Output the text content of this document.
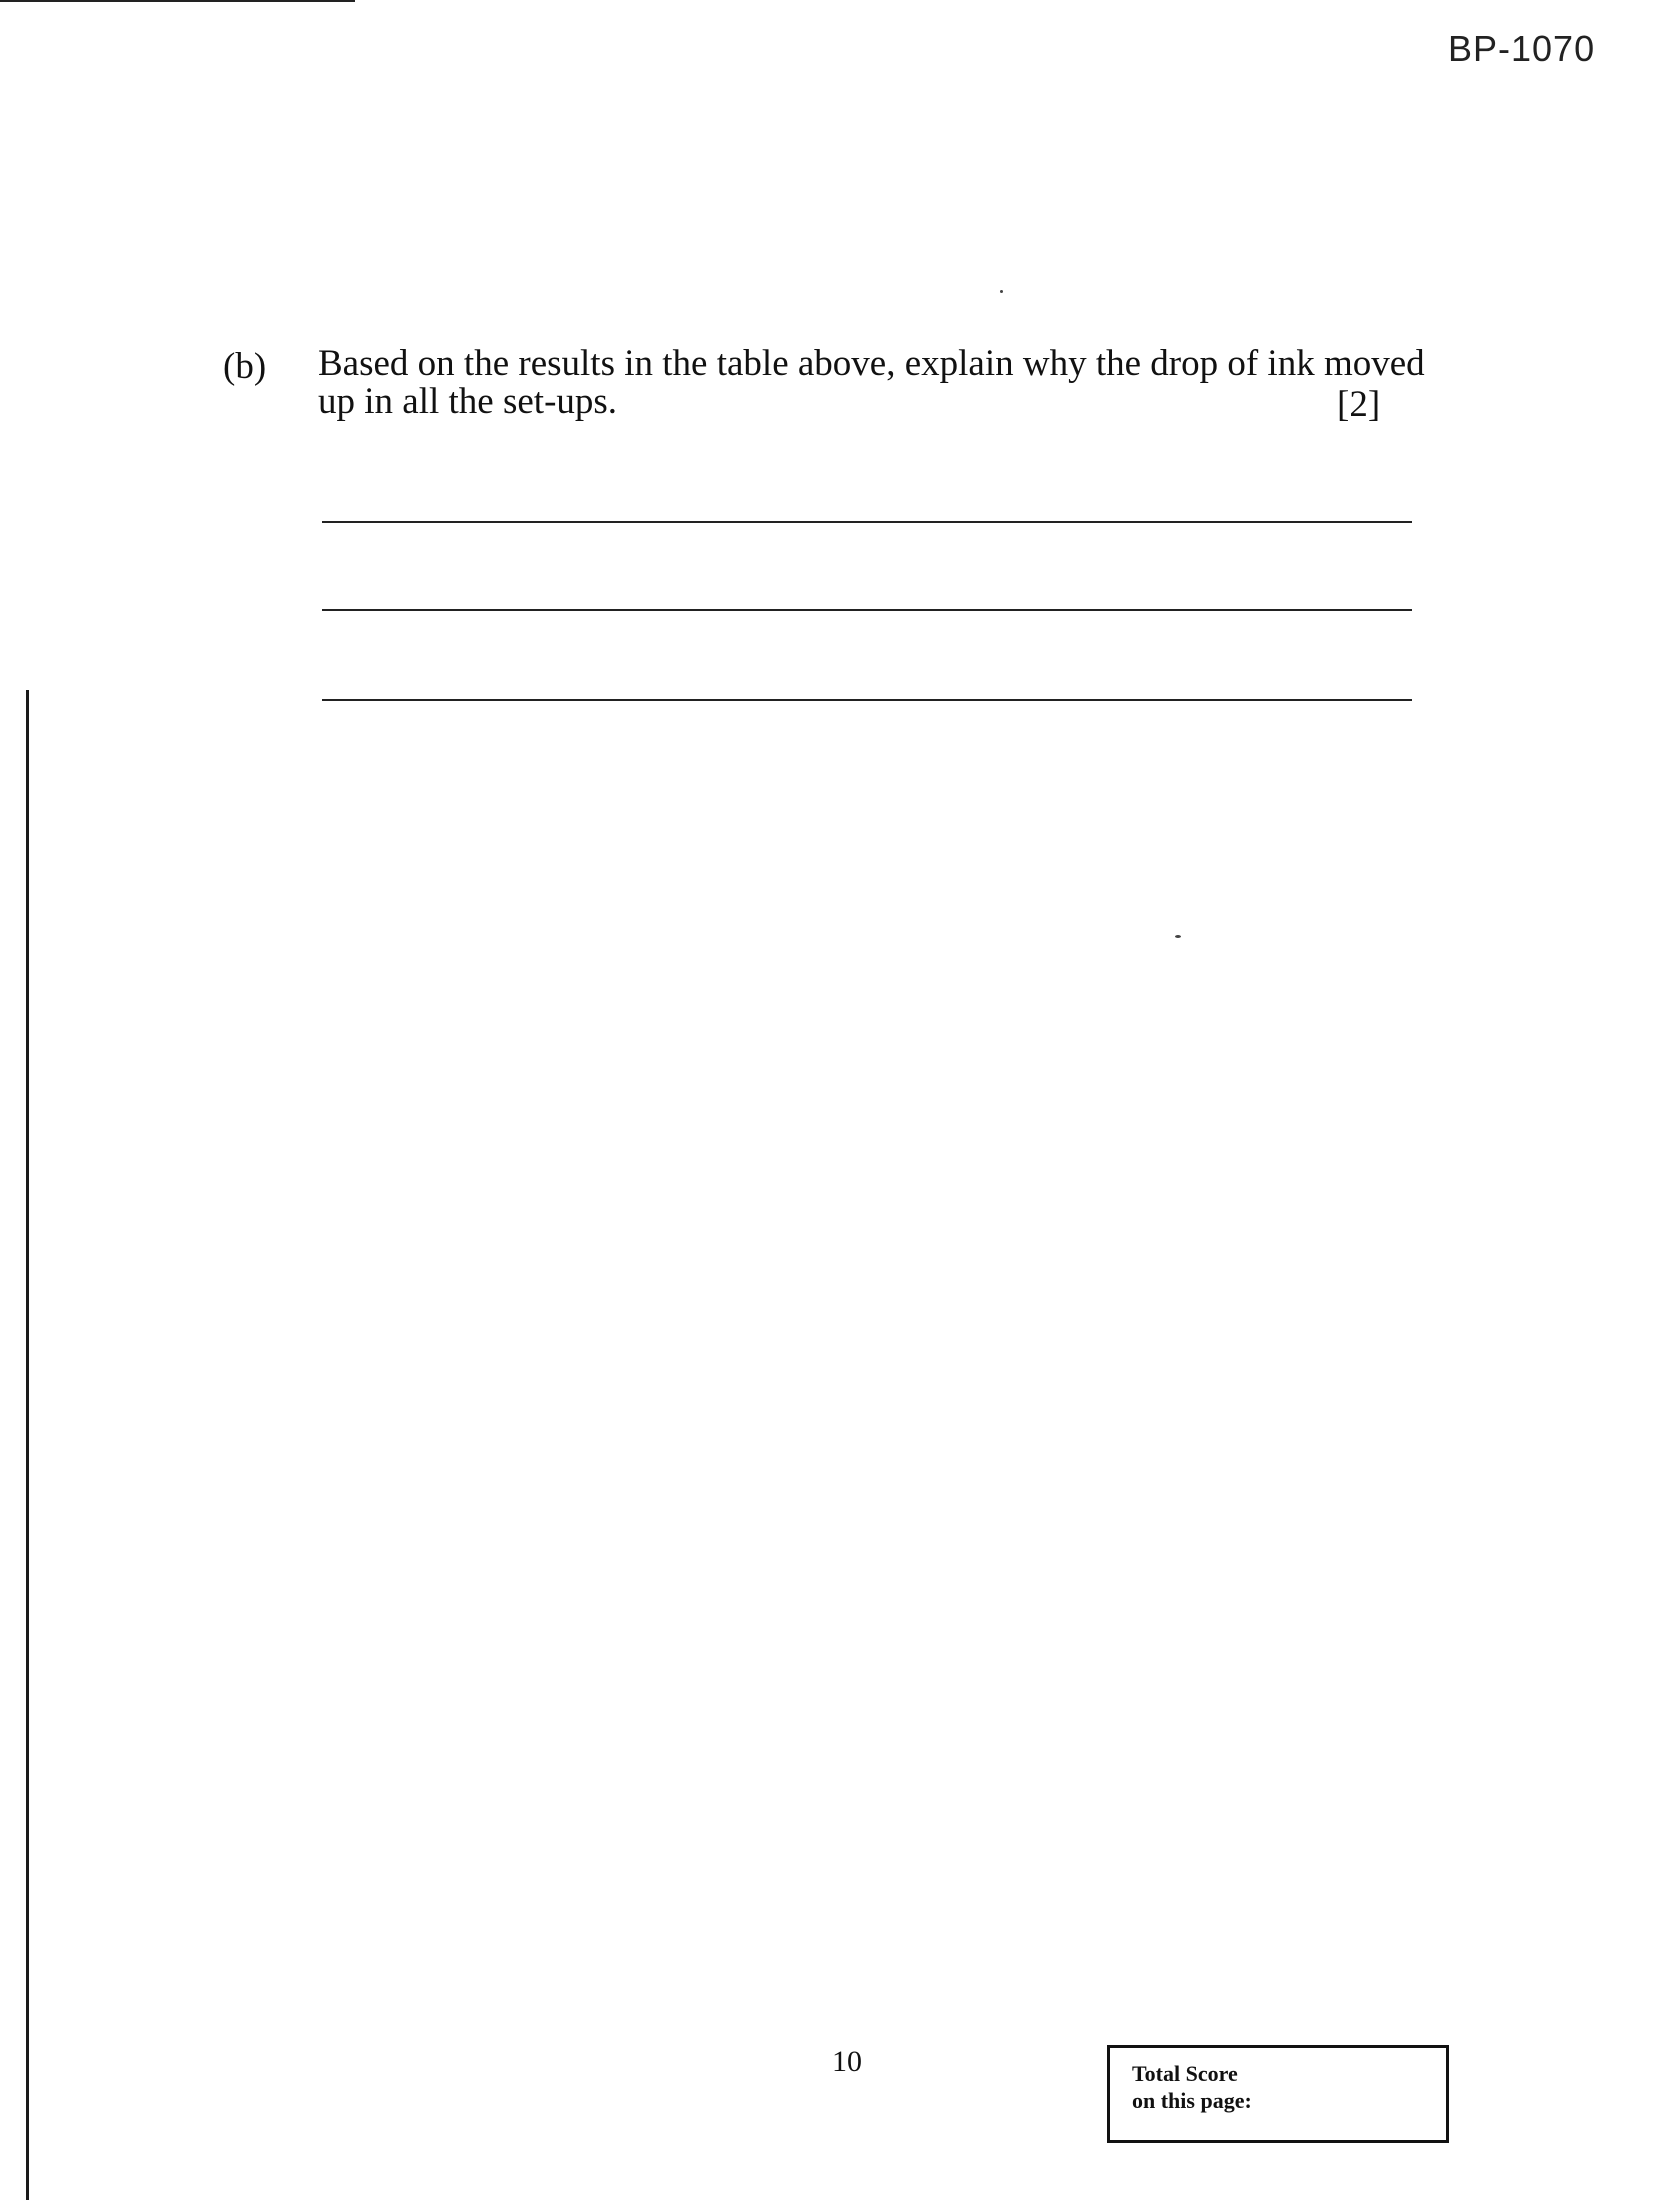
BP-1070
(b) Based on the results in the table above, explain why the drop of ink moved up in all the set-ups.	[2]
10	Total Score
on this page:
